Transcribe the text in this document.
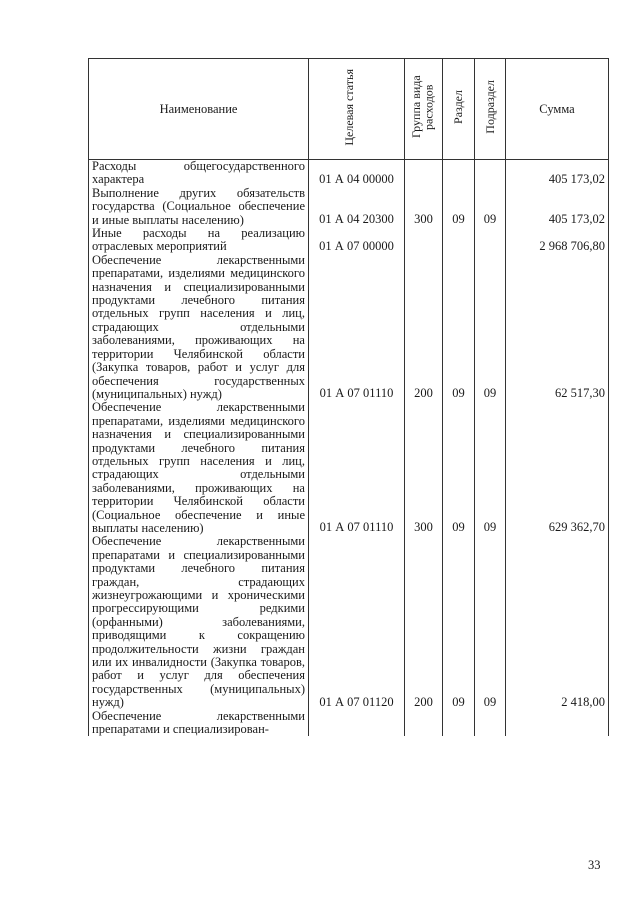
Наименование	Целевая статья	Группа вида расходов	Раздел	Подраздел	Сумма
Расходы общегосударственного характера	01 А 04 00000				405 173,02
Выполнение других обязательств государства (Социальное обеспечение и иные выплаты населению)	01 А 04 20300	300	09	09	405 173,02
Иные расходы на реализацию отраслевых мероприятий	01 А 07 00000				2 968 706,80
Обеспечение лекарственными препаратами, изделиями медицинского назначения и специализированными продуктами лечебного питания отдельных групп населения и лиц, страдающих отдельными заболеваниями, проживающих на территории Челябинской области (Закупка товаров, работ и услуг для обеспечения государственных (муниципальных) нужд)	01 А 07 01110	200	09	09	62 517,30
Обеспечение лекарственными препаратами, изделиями медицинского назначения и специализированными продуктами лечебного питания отдельных групп населения и лиц, страдающих отдельными заболеваниями, проживающих на территории Челябинской области (Социальное обеспечение и иные выплаты населению)	01 А 07 01110	300	09	09	629 362,70
Обеспечение лекарственными препаратами и специализированными продуктами лечебного питания граждан, страдающих жизнеугрожающими и хроническими прогрессирующими редкими (орфанными) заболеваниями, приводящими к сокращению продолжительности жизни граждан или их инвалидности (Закупка товаров, работ и услуг для обеспечения государственных (муниципальных) нужд)	01 А 07 01120	200	09	09	2 418,00
Обеспечение лекарственными препаратами и специализирован-					
33
